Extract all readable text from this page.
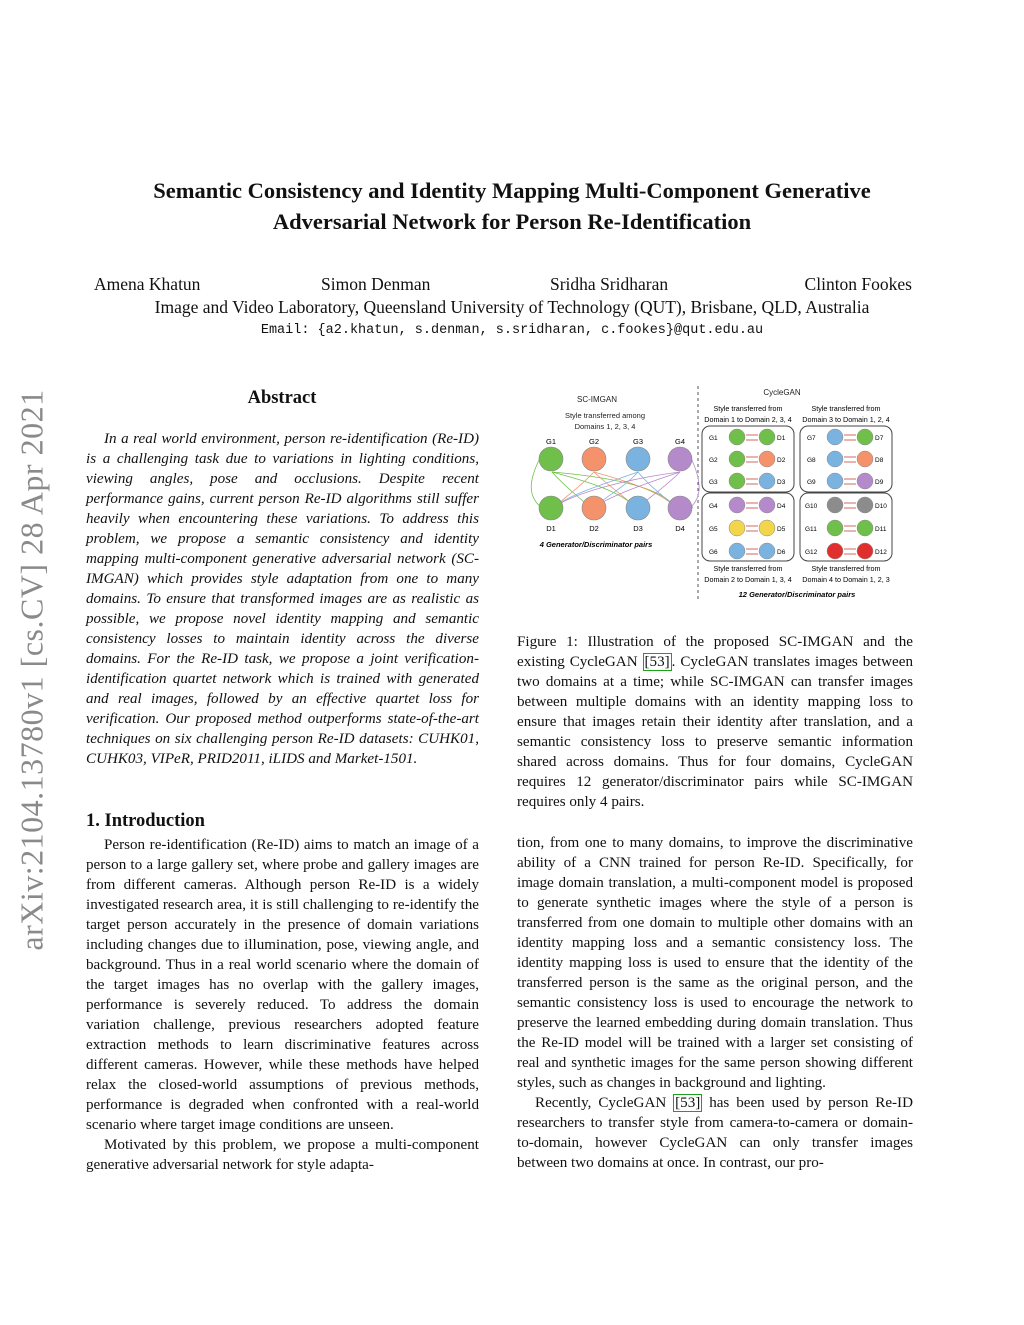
Semantic Consistency and Identity Mapping Multi-Component Generative
Adversarial Network for Person Re-Identification
Amena Khatun	Simon Denman	Sridha Sridharan	Clinton Fookes
Image and Video Laboratory, Queensland University of Technology (QUT), Brisbane, QLD, Australia
Email: {a2.khatun, s.denman, s.sridharan, c.fookes}@qut.edu.au
arXiv:2104.13780v1 [cs.CV] 28 Apr 2021	Abstract
In a real world environment, person re-identification (Re-ID) is a challenging task due to variations in lighting conditions, viewing angles, pose and occlusions. Despite recent performance gains, current person Re-ID algorithms still suffer heavily when encountering these variations. To address this problem, we propose a semantic consistency and identity mapping multi-component generative adversarial network (SC-IMGAN) which provides style adaptation from one to many domains. To ensure that transformed images are as realistic as possible, we propose novel identity mapping and semantic consistency losses to maintain identity across the diverse domains. For the Re-ID task, we propose a joint verification-identification quartet network which is trained with generated and real images, followed by an effective quartet loss for verification. Our proposed method outperforms state-of-the-art techniques on six challenging person Re-ID datasets: CUHK01, CUHK03, VIPeR, PRID2011, iLIDS and Market-1501.
1. Introduction

Person re-identification (Re-ID) aims to match an image of a person to a large gallery set, where probe and gallery images are from different cameras. Although person Re-ID is a widely investigated research area, it is still challenging to re-identify the target person accurately in the presence of domain variations including changes due to illumination, pose, viewing angle, and background. Thus in a real world scenario where the domain of the target images has no overlap with the gallery images, performance is severely reduced. To address the domain variation challenge, previous researchers adopted feature extraction methods to learn discriminative features across different cameras. However, while these methods have helped relax the closed-world assumptions of previous methods, performance is degraded when confronted with a real-world scenario where target image conditions are unseen.

Motivated by this problem, we propose a multi-component generative adversarial network for style adapta-

SC-IMGAN
Style transferred among
Domains 1, 2, 3, 4
G1	G2	G3	G4
D1	D2	D3	D4
4 Generator/Discriminator pairs
CycleGAN
Style transferred from
Domain 1 to Domain 2, 3, 4
Style transferred from
Domain 3 to Domain 1, 2, 4
G1
G2
G3
D1
D2
D3
G7
G8
G9
D7
D8
D9
G4
G5
G6
D4
D5
D6
G10
G11
G12
D10
D11
D12
Style transferred from
Domain 2 to Domain 1, 3, 4
Style transferred from
Domain 4 to Domain 1, 2, 3
12 Generator/Discriminator pairs
Figure 1: Illustration of the proposed SC-IMGAN and the existing CycleGAN [53] . CycleGAN translates images between two domains at a time; while SC-IMGAN can transfer images between multiple domains with an identity mapping loss to ensure that images retain their identity after translation, and a semantic consistency loss to preserve semantic information shared across domains. Thus for four domains, CycleGAN requires 12 generator/discriminator pairs while SC-IMGAN requires only 4 pairs.

tion, from one to many domains, to improve the discriminative ability of a CNN trained for person Re-ID. Specifically, for image domain translation, a multi-component model is proposed to generate synthetic images where the style of a person is transferred from one domain to multiple other domains with an identity mapping loss and a semantic consistency loss. The identity mapping loss is used to ensure that the identity of the transferred person is the same as the original person, and the semantic consistency loss is used to encourage the network to preserve the learned embedding during domain translation. Thus the Re-ID model will be trained with a larger set consisting of real and synthetic images for the same person showing different styles, such as changes in background and lighting.

Recently, CycleGAN [53] has been used by person Re-ID researchers to transfer style from camera-to-camera or domain-to-domain, however CycleGAN can only transfer images between two domains at once. In contrast, our pro-
